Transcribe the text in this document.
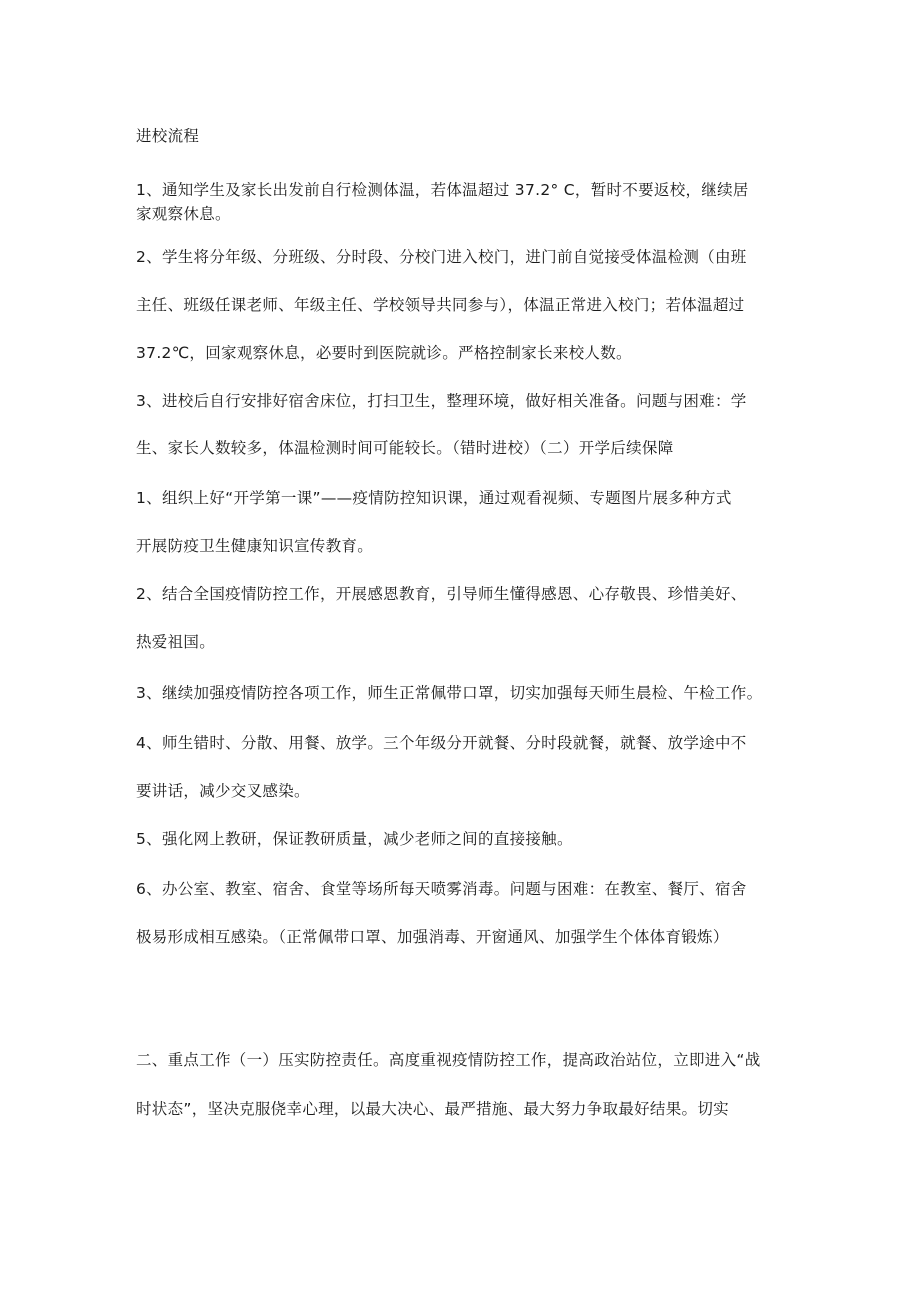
进校流程
1、通知学生及家长出发前自行检测体温，若体温超过 37.2° C，暂时不要返校，继续居
家观察休息。
2、学生将分年级、分班级、分时段、分校门进入校门，进门前自觉接受体温检测（由班
主任、班级任课老师、年级主任、学校领导共同参与），体温正常进入校门；若体温超过
37.2℃，回家观察休息，必要时到医院就诊。严格控制家长来校人数。
3、进校后自行安排好宿舍床位，打扫卫生，整理环境，做好相关准备。问题与困难：学
生、家长人数较多，体温检测时间可能较长。（错时进校）（二）开学后续保障
1、组织上好“开学第一课”——疫情防控知识课，通过观看视频、专题图片展多种方式
开展防疫卫生健康知识宣传教育。
2、结合全国疫情防控工作，开展感恩教育，引导师生懂得感恩、心存敬畏、珍惜美好、
热爱祖国。
3、继续加强疫情防控各项工作，师生正常佩带口罩，切实加强每天师生晨检、午检工作。
4、师生错时、分散、用餐、放学。三个年级分开就餐、分时段就餐，就餐、放学途中不
要讲话，减少交叉感染。
5、强化网上教研，保证教研质量，减少老师之间的直接接触。
6、办公室、教室、宿舍、食堂等场所每天喷雾消毒。问题与困难：在教室、餐厅、宿舍
极易形成相互感染。（正常佩带口罩、加强消毒、开窗通风、加强学生个体体育锻炼）
二、重点工作（一）压实防控责任。高度重视疫情防控工作，提高政治站位，立即进入“战
时状态”，坚决克服侥幸心理，以最大决心、最严措施、最大努力争取最好结果。切实
